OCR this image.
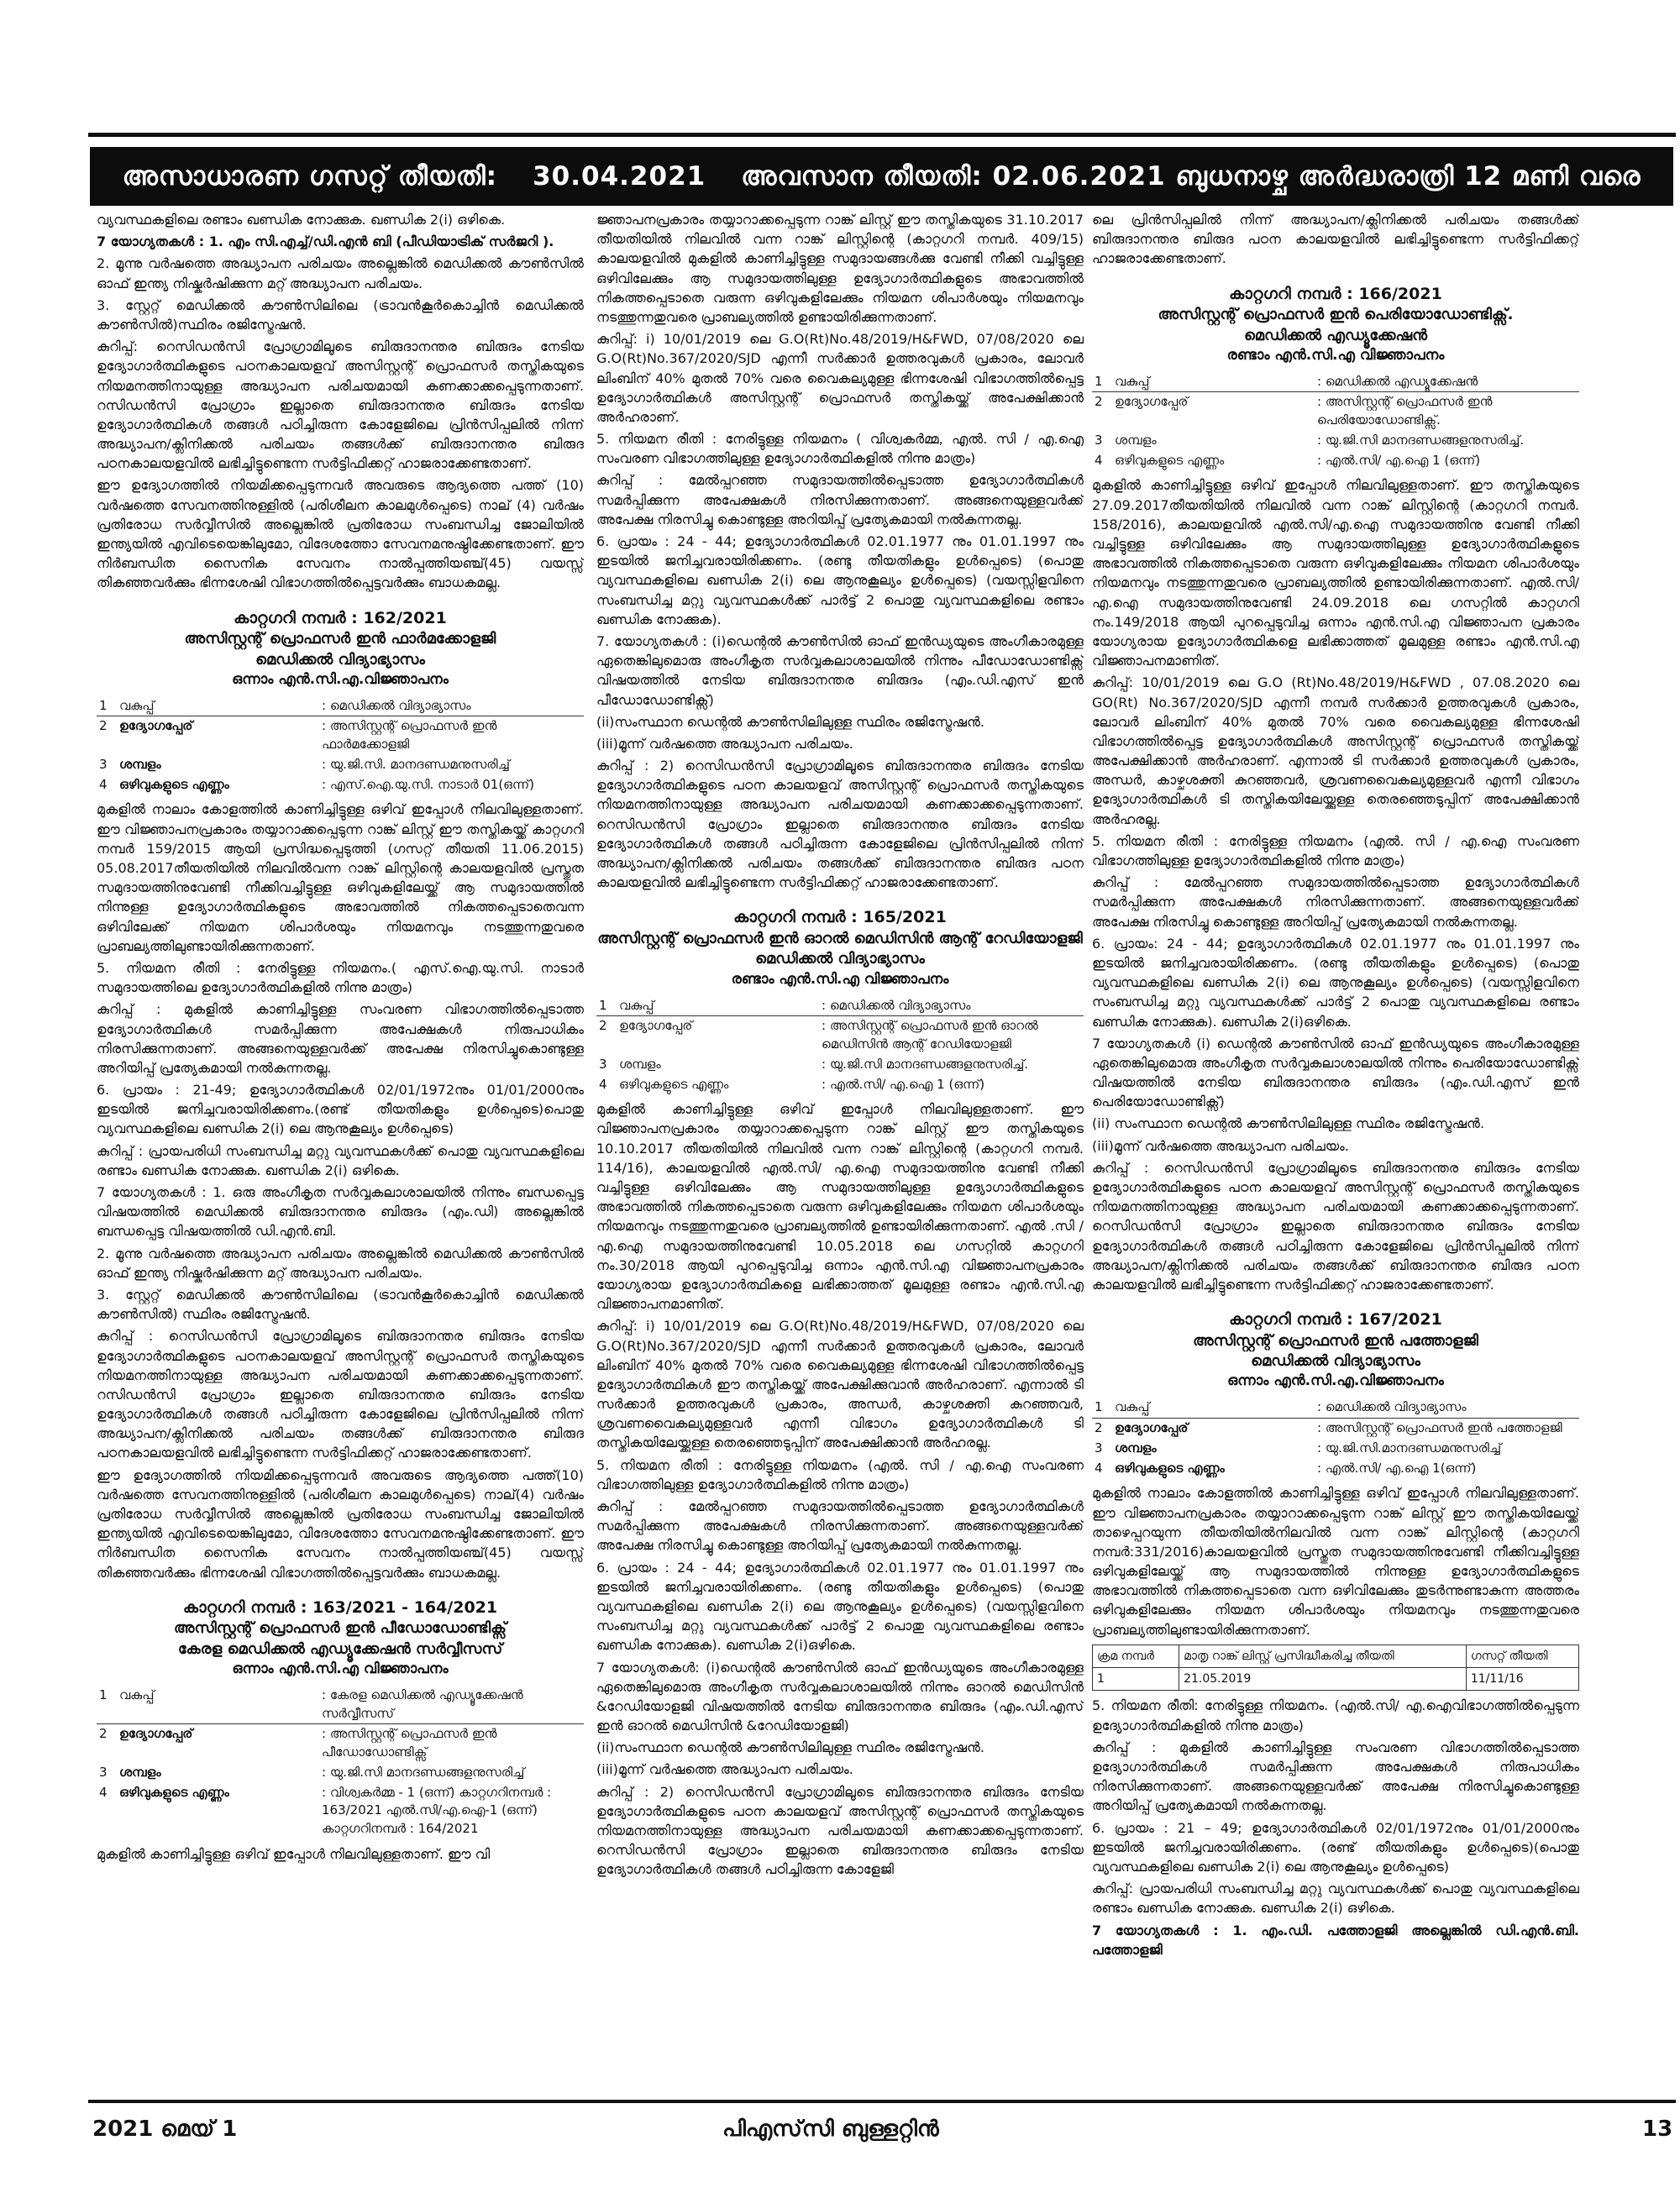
അസാധാരണ ഗസറ്റ് തീയതി: 30.04.2021 അവസാന തീയതി: 02.06.2021 ബുധനാഴ്ച അർദ്ധരാത്രി 12 മണി വരെ

വ്യവസ്ഥകളിലെ രണ്ടാം ഖണ്ഡിക നോക്കുക. ഖണ്ഡിക 2(i) ഒഴികെ.

7 യോഗ്യതകൾ : 1. എം സി.എച്ച്/ഡി.എൻ ബി (പീഡിയാട്രിക് സർജറി ).

2. മൂന്നു വർഷത്തെ അദ്ധ്യാപന പരിചയം അല്ലെങ്കിൽ മെഡിക്കൽ കൗൺസിൽ ഓഫ് ഇന്ത്യ നിഷ്കർഷിക്കുന്ന മറ്റ് അദ്ധ്യാപന പരിചയം.

3. സ്റ്റേറ്റ് മെഡിക്കൽ കൗൺസിലിലെ (ട്രാവൻകൂർകൊച്ചിൻ മെഡിക്കൽ കൗൺസിൽ)സ്ഥിരം രജിസ്ട്രേഷൻ.

കുറിപ്പ്: റെസിഡൻസി പ്രോഗ്രാമിലൂടെ ബിരുദാനന്തര ബിരുദം നേടിയ ഉദ്യോഗാർത്ഥികളുടെ പഠനകാലയളവ് അസിസ്റ്റന്റ് പ്രൊഫസർ തസ്തികയുടെ നിയമനത്തിനായുള്ള അദ്ധ്യാപന പരിചയമായി കണക്കാക്കപ്പെടുന്നതാണ്. റസിഡൻസി പ്രോഗ്രാം ഇല്ലാതെ ബിരുദാനന്തര ബിരുദം നേടിയ ഉദ്യോഗാർത്ഥികൾ തങ്ങൾ പഠിച്ചിരുന്ന കോളേജിലെ പ്രിൻസിപ്പലിൽ നിന്ന് അദ്ധ്യാപന/ക്ലിനിക്കൽ പരിചയം തങ്ങൾക്ക് ബിരുദാനന്തര ബിരുദ പഠനകാലയളവിൽ ലഭിച്ചിട്ടുണ്ടെന്ന സർട്ടിഫിക്കറ്റ് ഹാജരാക്കേണ്ടതാണ്.

ഈ ഉദ്യോഗത്തിൽ നിയമിക്കപ്പെടുന്നവർ അവരുടെ ആദ്യത്തെ പത്ത് (10) വർഷത്തെ സേവനത്തിനുള്ളിൽ (പരിശീലന കാലമുൾപ്പെടെ) നാല് (4) വർഷം പ്രതിരോധ സർവ്വീസിൽ അല്ലെങ്കിൽ പ്രതിരോധ സംബന്ധിച്ച ജോലിയിൽ ഇന്ത്യയിൽ എവിടെയെങ്കിലുമോ, വിദേശത്തോ സേവനമനുഷ്ഠിക്കേണ്ടതാണ്. ഈ നിർബന്ധിത സൈനിക സേവനം നാൽപ്പത്തിയഞ്ച്(45) വയസ്സ് തികഞ്ഞവർക്കും ഭിന്നശേഷി വിഭാഗത്തിൽപ്പെട്ടവർക്കും ബാധകമല്ല.

കാറ്റഗറി നമ്പർ : 162/2021
അസിസ്റ്റന്റ് പ്രൊഫസർ ഇൻ ഫാർമക്കോളജി
മെഡിക്കൽ വിദ്യാഭ്യാസം
ഒന്നാം എൻ.സി.എ.വിജ്ഞാപനം
1	വകുപ്പ്	: മെഡിക്കൽ വിദ്യാഭ്യാസം
2	ഉദ്യോഗപ്പേര്	: അസിസ്റ്റന്റ് പ്രൊഫസർ ഇൻ ഫാർമക്കോളജി
3	ശമ്പളം	: യു.ജി.സി. മാനദണ്ഡമനുസരിച്ച്
4	ഒഴിവുകളുടെ എണ്ണം	: എസ്.ഐ.യു.സി. നാടാർ 01(ഒന്ന്)

മുകളിൽ നാലാം കോളത്തിൽ കാണിച്ചിട്ടുള്ള ഒഴിവ് ഇപ്പോൾ നിലവിലുള്ളതാണ്. ഈ വിജ്ഞാപനപ്രകാരം തയ്യാറാക്കപ്പെടുന്ന റാങ്ക് ലിസ്റ്റ് ഈ തസ്തികയ്ക്ക് കാറ്റഗറി നമ്പർ 159/2015 ആയി പ്രസിദ്ധപ്പെടുത്തി (ഗസറ്റ് തീയതി 11.06.2015) 05.08.2017തീയതിയിൽ നിലവിൽവന്ന റാങ്ക് ലിസ്റ്റിന്റെ കാലയളവിൽ പ്രസ്തുത സമുദായത്തിനുവേണ്ടി നീക്കിവച്ചിട്ടുള്ള ഒഴിവുകളിലേയ്ക്ക് ആ സമുദായത്തിൽ നിന്നുള്ള ഉദ്യോഗാർത്ഥികളുടെ അഭാവത്തിൽ നികത്തപ്പെടാതെവന്ന ഒഴിവിലേക്ക് നിയമന ശിപാർശയും നിയമനവും നടത്തുന്നതുവരെ പ്രാബല്യത്തിലുണ്ടായിരിക്കുന്നതാണ്.

5. നിയമന രീതി : നേരിട്ടുള്ള നിയമനം.( എസ്.ഐ.യു.സി. നാടാർ സമുദായത്തിലെ ഉദ്യോഗാർത്ഥികളിൽ നിന്നു മാത്രം)

കുറിപ്പ് : മുകളിൽ കാണിച്ചിട്ടുള്ള സംവരണ വിഭാഗത്തിൽപ്പെടാത്ത ഉദ്യോഗാർത്ഥികൾ സമർപ്പിക്കുന്ന അപേക്ഷകൾ നിരുപാധികം നിരസിക്കുന്നതാണ്. അങ്ങനെയുള്ളവർക്ക് അപേക്ഷ നിരസിച്ചുകൊണ്ടുള്ള അറിയിപ്പ് പ്രത്യേകമായി നൽകുന്നതല്ല.

6. പ്രായം : 21-49; ഉദ്യോഗാർത്ഥികൾ 02/01/1972നും 01/01/2000നും ഇടയിൽ ജനിച്ചവരായിരിക്കണം.(രണ്ട് തീയതികളും ഉൾപ്പെടെ)പൊതു വ്യവസ്ഥകളിലെ ഖണ്ഡിക 2(i) ലെ ആനുകൂല്യം ഉൾപ്പെടെ)

കുറിപ്പ് : പ്രായപരിധി സംബന്ധിച്ച മറ്റു വ്യവസ്ഥകൾക്ക് പൊതു വ്യവസ്ഥകളിലെ രണ്ടാം ഖണ്ഡിക നോക്കുക. ഖണ്ഡിക 2(i) ഒഴികെ.

7 യോഗ്യതകൾ : 1. ഒരു അംഗീകൃത സർവ്വകലാശാലയിൽ നിന്നും ബന്ധപ്പെട്ട വിഷയത്തിൽ മെഡിക്കൽ ബിരുദാനന്തര ബിരുദം (എം.ഡി) അല്ലെങ്കിൽ ബന്ധപ്പെട്ട വിഷയത്തിൽ ഡി.എൻ.ബി.

2. മൂന്നു വർഷത്തെ അദ്ധ്യാപന പരിചയം അല്ലെങ്കിൽ മെഡിക്കൽ കൗൺസിൽ ഓഫ് ഇന്ത്യ നിഷ്കർഷിക്കുന്ന മറ്റ് അദ്ധ്യാപന പരിചയം.

3. സ്റ്റേറ്റ് മെഡിക്കൽ കൗൺസിലിലെ (ട്രാവൻകൂർകൊച്ചിൻ മെഡിക്കൽ കൗൺസിൽ) സ്ഥിരം രജിസ്ട്രേഷൻ.

കുറിപ്പ് : റെസിഡൻസി പ്രോഗ്രാമിലൂടെ ബിരുദാനന്തര ബിരുദം നേടിയ ഉദ്യോഗാർത്ഥികളുടെ പഠനകാലയളവ് അസിസ്റ്റന്റ് പ്രൊഫസർ തസ്തികയുടെ നിയമനത്തിനായുള്ള അദ്ധ്യാപന പരിചയമായി കണക്കാക്കപ്പെടുന്നതാണ്. റസിഡൻസി പ്രോഗ്രാം ഇല്ലാതെ ബിരുദാനന്തര ബിരുദം നേടിയ ഉദ്യോഗാർത്ഥികൾ തങ്ങൾ പഠിച്ചിരുന്ന കോളേജിലെ പ്രിൻസിപ്പലിൽ നിന്ന് അദ്ധ്യാപന/ക്ലിനിക്കൽ പരിചയം തങ്ങൾക്ക് ബിരുദാനന്തര ബിരുദ പഠനകാലയളവിൽ ലഭിച്ചിട്ടുണ്ടെന്ന സർട്ടിഫിക്കറ്റ് ഹാജരാക്കേണ്ടതാണ്.

ഈ ഉദ്യോഗത്തിൽ നിയമിക്കപ്പെടുന്നവർ അവരുടെ ആദ്യത്തെ പത്ത്(10) വർഷത്തെ സേവനത്തിനുള്ളിൽ (പരിശീലന കാലമുൾപ്പെടെ) നാല്(4) വർഷം പ്രതിരോധ സർവ്വീസിൽ അല്ലെങ്കിൽ പ്രതിരോധ സംബന്ധിച്ച ജോലിയിൽ ഇന്ത്യയിൽ എവിടെയെങ്കിലുമോ, വിദേശത്തോ സേവനമനുഷ്ഠിക്കേണ്ടതാണ്. ഈ നിർബന്ധിത സൈനിക സേവനം നാൽപ്പത്തിയഞ്ച്(45) വയസ്സ് തികഞ്ഞവർക്കും ഭിന്നശേഷി വിഭാഗത്തിൽപ്പെട്ടവർക്കും ബാധകമല്ല.

കാറ്റഗറി നമ്പർ : 163/2021 - 164/2021
അസിസ്റ്റന്റ് പ്രൊഫസർ ഇൻ പീഡോഡോണ്ടിക്സ്
കേരള മെഡിക്കൽ എഡ്യൂക്കേഷൻ സർവ്വീസസ്
ഒന്നാം എൻ.സി.എ വിജ്ഞാപനം
1	വകുപ്പ്	: കേരള മെഡിക്കൽ എഡ്യൂക്കേഷൻ സർവ്വീസസ്
2	ഉദ്യോഗപ്പേര്	: അസിസ്റ്റന്റ് പ്രൊഫസർ ഇൻ പീഡോഡോണ്ടിക്സ്
3	ശമ്പളം	: യു.ജി.സി മാനദണ്ഡങ്ങളനുസരിച്ച്
4	ഒഴിവുകളുടെ എണ്ണം	: വിശ്വകർമ്മ - 1 (ഒന്ന്) കാറ്റഗറിനമ്പർ : 163/2021 എൽ.സി/എ.ഐ-1 (ഒന്ന്) കാറ്റഗറിനമ്പർ : 164/2021

മുകളിൽ കാണിച്ചിട്ടുള്ള ഒഴിവ് ഇപ്പോൾ നിലവിലുള്ളതാണ്. ഈ വി

ജ്ഞാപനപ്രകാരം തയ്യാറാക്കപ്പെടുന്ന റാങ്ക് ലിസ്റ്റ് ഈ തസ്തികയുടെ 31.10.2017 തീയതിയിൽ നിലവിൽ വന്ന റാങ്ക് ലിസ്റ്റിന്റെ (കാറ്റഗറി നമ്പർ. 409/15) കാലയളവിൽ മുകളിൽ കാണിച്ചിട്ടുള്ള സമുദായങ്ങൾക്കു വേണ്ടി നീക്കി വച്ചിട്ടുള്ള ഒഴിവിലേക്കും ആ സമുദായത്തിലുള്ള ഉദ്യോഗാർത്ഥികളുടെ അഭാവത്തിൽ നികത്തപ്പെടാതെ വരുന്ന ഒഴിവുകളിലേക്കും നിയമന ശിപാർശയും നിയമനവും നടത്തുന്നതുവരെ പ്രാബല്യത്തിൽ ഉണ്ടായിരിക്കുന്നതാണ്.

കുറിപ്പ്: i) 10/01/2019 ലെ G.O(Rt)No.48/2019/H&FWD, 07/08/2020 ലെ G.O(Rt)No.367/2020/SJD എന്നീ സർക്കാർ ഉത്തരവുകൾ പ്രകാരം, ലോവർ ലിംബിന് 40% മുതൽ 70% വരെ വൈകല്യമുള്ള ഭിന്നശേഷി വിഭാഗത്തിൽപ്പെട്ട ഉദ്യോഗാർത്ഥികൾ അസിസ്റ്റന്റ് പ്രൊഫസർ തസ്തികയ്ക്ക് അപേക്ഷിക്കാൻ അർഹരാണ്.

5. നിയമന രീതി : നേരിട്ടുള്ള നിയമനം ( വിശ്വകർമ്മ, എൽ. സി / എ.ഐ സംവരണ വിഭാഗത്തിലുള്ള ഉദ്യോഗാർത്ഥികളിൽ നിന്നു മാത്രം)

കുറിപ്പ് : മേൽപ്പറഞ്ഞ സമുദായത്തിൽപ്പെടാത്ത ഉദ്യോഗാർത്ഥികൾ സമർപ്പിക്കുന്ന അപേക്ഷകൾ നിരസിക്കുന്നതാണ്. അങ്ങനെയുള്ളവർക്ക് അപേക്ഷ നിരസിച്ചു കൊണ്ടുള്ള അറിയിപ്പ് പ്രത്യേകമായി നൽകുന്നതല്ല.

6. പ്രായം : 24 - 44; ഉദ്യോഗാർത്ഥികൾ 02.01.1977 നും 01.01.1997 നും ഇടയിൽ ജനിച്ചവരായിരിക്കണം. (രണ്ടു തീയതികളും ഉൾപ്പെടെ) (പൊതു വ്യവസ്ഥകളിലെ ഖണ്ഡിക 2(i) ലെ ആനുകൂല്യം ഉൾപ്പെടെ) (വയസ്സിളവിനെ സംബന്ധിച്ച മറ്റു വ്യവസ്ഥകൾക്ക് പാർട്ട് 2 പൊതു വ്യവസ്ഥകളിലെ രണ്ടാം ഖണ്ഡിക നോക്കുക).

7. യോഗ്യതകൾ : (i)ഡെന്റൽ കൗൺസിൽ ഓഫ് ഇൻഡ്യയുടെ അംഗീകാരമുള്ള ഏതെങ്കിലുമൊരു അംഗീകൃത സർവ്വകലാശാലയിൽ നിന്നും പീഡോഡോണ്ടിക്സ് വിഷയത്തിൽ നേടിയ ബിരുദാനന്തര ബിരുദം (എം.ഡി.എസ് ഇൻ പീഡോഡോണ്ടിക്സ്)

(ii)സംസ്ഥാന ഡെന്റൽ കൗൺസിലിലുള്ള സ്ഥിരം രജിസ്ട്രേഷൻ.

(iii)മൂന്ന് വർഷത്തെ അദ്ധ്യാപന പരിചയം.

കുറിപ്പ് : 2) റെസിഡൻസി പ്രോഗ്രാമിലൂടെ ബിരുദാനന്തര ബിരുദം നേടിയ ഉദ്യോഗാർത്ഥികളുടെ പഠന കാലയളവ് അസിസ്റ്റന്റ് പ്രൊഫസർ തസ്തികയുടെ നിയമനത്തിനായുള്ള അദ്ധ്യാപന പരിചയമായി കണക്കാക്കപ്പെടുന്നതാണ്. റെസിഡൻസി പ്രോഗ്രാം ഇല്ലാതെ ബിരുദാനന്തര ബിരുദം നേടിയ ഉദ്യോഗാർത്ഥികൾ തങ്ങൾ പഠിച്ചിരുന്ന കോളേജിലെ പ്രിൻസിപ്പലിൽ നിന്ന് അദ്ധ്യാപന/ക്ലിനിക്കൽ പരിചയം തങ്ങൾക്ക് ബിരുദാനന്തര ബിരുദ പഠന കാലയളവിൽ ലഭിച്ചിട്ടുണ്ടെന്ന സർട്ടിഫിക്കറ്റ് ഹാജരാക്കേണ്ടതാണ്.

കാറ്റഗറി നമ്പർ : 165/2021
അസിസ്റ്റന്റ് പ്രൊഫസർ ഇൻ ഓറൽ മെഡിസിൻ ആന്റ് റേഡിയോളജി
മെഡിക്കൽ വിദ്യാഭ്യാസം
രണ്ടാം എൻ.സി.എ വിജ്ഞാപനം
1	വകുപ്പ്	: മെഡിക്കൽ വിദ്യാഭ്യാസം
2	ഉദ്യോഗപ്പേര്	: അസിസ്റ്റന്റ് പ്രൊഫസർ ഇൻ ഓറൽ മെഡിസിൻ ആന്റ് റേഡിയോളജി
3	ശമ്പളം	: യു.ജി.സി മാനദണ്ഡങ്ങളനുസരിച്ച്.
4	ഒഴിവുകളുടെ എണ്ണം	: എൽ.സി/ എ.ഐ 1 (ഒന്ന്)

മുകളിൽ കാണിച്ചിട്ടുള്ള ഒഴിവ് ഇപ്പോൾ നിലവിലുള്ളതാണ്. ഈ വിജ്ഞാപനപ്രകാരം തയ്യാറാക്കപ്പെടുന്ന റാങ്ക് ലിസ്റ്റ് ഈ തസ്തികയുടെ 10.10.2017 തീയതിയിൽ നിലവിൽ വന്ന റാങ്ക് ലിസ്റ്റിന്റെ (കാറ്റഗറി നമ്പർ. 114/16), കാലയളവിൽ എൽ.സി/ എ.ഐ സമുദായത്തിനു വേണ്ടി നീക്കി വച്ചിട്ടുള്ള ഒഴിവിലേക്കും ആ സമുദായത്തിലുള്ള ഉദ്യോഗാർത്ഥികളുടെ അഭാവത്തിൽ നികത്തപ്പെടാതെ വരുന്ന ഒഴിവുകളിലേക്കും നിയമന ശിപാർശയും നിയമനവും നടത്തുന്നതുവരെ പ്രാബല്യത്തിൽ ഉണ്ടായിരിക്കുന്നതാണ്. എൽ .സി /എ.ഐ സമുദായത്തിനുവേണ്ടി 10.05.2018 ലെ ഗസറ്റിൽ കാറ്റഗറി നം.30/2018 ആയി പുറപ്പെടുവിച്ച ഒന്നാം എൻ.സി.എ വിജ്ഞാപനപ്രകാരം യോഗ്യരായ ഉദ്യോഗാർത്ഥികളെ ലഭിക്കാത്തത് മൂലമുള്ള രണ്ടാം എൻ.സി.എ വിജ്ഞാപനമാണിത്.

കുറിപ്പ്: i) 10/01/2019 ലെ G.O(Rt)No.48/2019/H&FWD, 07/08/2020 ലെ G.O(Rt)No.367/2020/SJD എന്നീ സർക്കാർ ഉത്തരവുകൾ പ്രകാരം, ലോവർ ലിംബിന് 40% മുതൽ 70% വരെ വൈകല്യമുള്ള ഭിന്നശേഷി വിഭാഗത്തിൽപ്പെട്ട ഉദ്യോഗാർത്ഥികൾ ഈ തസ്തികയ്ക്ക് അപേക്ഷിക്കുവാൻ അർഹരാണ്. എന്നാൽ ടി സർക്കാർ ഉത്തരവുകൾ പ്രകാരം, അന്ധർ, കാഴ്ചശക്തി കുറഞ്ഞവർ, ശ്രവണവൈകല്യമുള്ളവർ എന്നീ വിഭാഗം ഉദ്യോഗാർത്ഥികൾ ടി തസ്തികയിലേയ്ക്കുള്ള തെരഞ്ഞെടുപ്പിന് അപേക്ഷിക്കാൻ അർഹരല്ല.

5. നിയമന രീതി : നേരിട്ടുള്ള നിയമനം (എൽ. സി / എ.ഐ സംവരണ വിഭാഗത്തിലുള്ള ഉദ്യോഗാർത്ഥികളിൽ നിന്നു മാത്രം)

കുറിപ്പ് : മേൽപ്പറഞ്ഞ സമുദായത്തിൽപ്പെടാത്ത ഉദ്യോഗാർത്ഥികൾ സമർപ്പിക്കുന്ന അപേക്ഷകൾ നിരസിക്കുന്നതാണ്. അങ്ങനെയുള്ളവർക്ക് അപേക്ഷ നിരസിച്ചു കൊണ്ടുള്ള അറിയിപ്പ് പ്രത്യേകമായി നൽകുന്നതല്ല.

6. പ്രായം : 24 - 44; ഉദ്യോഗാർത്ഥികൾ 02.01.1977 നും 01.01.1997 നും ഇടയിൽ ജനിച്ചവരായിരിക്കണം. (രണ്ടു തീയതികളും ഉൾപ്പെടെ) (പൊതു വ്യവസ്ഥകളിലെ ഖണ്ഡിക 2(i) ലെ ആനുകൂല്യം ഉൾപ്പെടെ) (വയസ്സിളവിനെ സംബന്ധിച്ച മറ്റു വ്യവസ്ഥകൾക്ക് പാർട്ട് 2 പൊതു വ്യവസ്ഥകളിലെ രണ്ടാം ഖണ്ഡിക നോക്കുക). ഖണ്ഡിക 2(i)ഒഴികെ.

7 യോഗ്യതകൾ: (i)ഡെന്റൽ കൗൺസിൽ ഓഫ് ഇൻഡ്യയുടെ അംഗീകാരമുള്ള ഏതെങ്കിലുമൊരു അംഗീകൃത സർവ്വകലാശാലയിൽ നിന്നും ഓറൽ മെഡിസിൻ &റേഡിയോളജി വിഷയത്തിൽ നേടിയ ബിരുദാനന്തര ബിരുദം (എം.ഡി.എസ് ഇൻ ഓറൽ മെഡിസിൻ &റേഡിയോളജി)

(ii)സംസ്ഥാന ഡെന്റൽ കൗൺസിലിലുള്ള സ്ഥിരം രജിസ്ട്രേഷൻ.

(iii)മൂന്ന് വർഷത്തെ അദ്ധ്യാപന പരിചയം.

കുറിപ്പ് : 2) റെസിഡൻസി പ്രോഗ്രാമിലൂടെ ബിരുദാനന്തര ബിരുദം നേടിയ ഉദ്യോഗാർത്ഥികളുടെ പഠന കാലയളവ് അസിസ്റ്റന്റ് പ്രൊഫസർ തസ്തികയുടെ നിയമനത്തിനായുള്ള അദ്ധ്യാപന പരിചയമായി കണക്കാക്കപ്പെടുന്നതാണ്. റെസിഡൻസി പ്രോഗ്രാം ഇല്ലാതെ ബിരുദാനന്തര ബിരുദം നേടിയ ഉദ്യോഗാർത്ഥികൾ തങ്ങൾ പഠിച്ചിരുന്ന കോളേജി

ലെ പ്രിൻസിപ്പലിൽ നിന്ന് അദ്ധ്യാപന/ക്ലിനിക്കൽ പരിചയം തങ്ങൾക്ക് ബിരുദാനന്തര ബിരുദ പഠന കാലയളവിൽ ലഭിച്ചിട്ടുണ്ടെന്ന സർട്ടിഫിക്കറ്റ് ഹാജരാക്കേണ്ടതാണ്.

കാറ്റഗറി നമ്പർ : 166/2021
അസിസ്റ്റന്റ് പ്രൊഫസർ ഇൻ പെരിയോഡോണ്ടിക്സ്.
മെഡിക്കൽ എഡ്യൂക്കേഷൻ
രണ്ടാം എൻ.സി.എ വിജ്ഞാപനം
1	വകുപ്പ്	: മെഡിക്കൽ എഡ്യൂക്കേഷൻ
2	ഉദ്യോഗപ്പേര്	: അസിസ്റ്റന്റ് പ്രൊഫസർ ഇൻ പെരിയോഡോണ്ടിക്സ്.
3	ശമ്പളം	: യു.ജി.സി മാനദണ്ഡങ്ങളനുസരിച്ച്.
4	ഒഴിവുകളുടെ എണ്ണം	: എൽ.സി/ എ.ഐ 1 (ഒന്ന്)

മുകളിൽ കാണിച്ചിട്ടുള്ള ഒഴിവ് ഇപ്പോൾ നിലവിലുള്ളതാണ്. ഈ തസ്തികയുടെ 27.09.2017തീയതിയിൽ നിലവിൽ വന്ന റാങ്ക് ലിസ്റ്റിന്റെ (കാറ്റഗറി നമ്പർ. 158/2016), കാലയളവിൽ എൽ.സി/എ.ഐ സമുദായത്തിനു വേണ്ടി നീക്കി വച്ചിട്ടുള്ള ഒഴിവിലേക്കും ആ സമുദായത്തിലുള്ള ഉദ്യോഗാർത്ഥികളുടെ അഭാവത്തിൽ നികത്തപ്പെടാതെ വരുന്ന ഒഴിവുകളിലേക്കും നിയമന ശിപാർശയും നിയമനവും നടത്തുന്നതുവരെ പ്രാബല്യത്തിൽ ഉണ്ടായിരിക്കുന്നതാണ്. എൽ.സി/എ.ഐ സമുദായത്തിനുവേണ്ടി 24.09.2018 ലെ ഗസറ്റിൽ കാറ്റഗറി നം.149/2018 ആയി പുറപ്പെടുവിച്ച ഒന്നാം എൻ.സി.എ വിജ്ഞാപന പ്രകാരം യോഗ്യരായ ഉദ്യോഗാർത്ഥികളെ ലഭിക്കാത്തത് മൂലമുള്ള രണ്ടാം എൻ.സി.എ വിജ്ഞാപനമാണിത്.

കുറിപ്പ്: 10/01/2019 ലെ G.O (Rt)No.48/2019/H&FWD , 07.08.2020 ലെ GO(Rt) No.367/2020/SJD എന്നീ നമ്പർ സർക്കാർ ഉത്തരവുകൾ പ്രകാരം, ലോവർ ലിംബിന് 40% മുതൽ 70% വരെ വൈകല്യമുള്ള ഭിന്നശേഷി വിഭാഗത്തിൽപ്പെട്ട ഉദ്യോഗാർത്ഥികൾ അസിസ്റ്റന്റ് പ്രൊഫസർ തസ്തികയ്ക്ക് അപേക്ഷിക്കാൻ അർഹരാണ്. എന്നാൽ ടി സർക്കാർ ഉത്തരവുകൾ പ്രകാരം, അന്ധർ, കാഴ്ചശക്തി കുറഞ്ഞവർ, ശ്രവണവൈകല്യമുള്ളവർ എന്നീ വിഭാഗം ഉദ്യോഗാർത്ഥികൾ ടി തസ്തികയിലേയ്ക്കുള്ള തെരഞ്ഞെടുപ്പിന് അപേക്ഷിക്കാൻ അർഹരല്ല.

5. നിയമന രീതി : നേരിട്ടുള്ള നിയമനം (എൽ. സി / എ.ഐ സംവരണ വിഭാഗത്തിലുള്ള ഉദ്യോഗാർത്ഥികളിൽ നിന്നു മാത്രം)

കുറിപ്പ് : മേൽപ്പറഞ്ഞ സമുദായത്തിൽപ്പെടാത്ത ഉദ്യോഗാർത്ഥികൾ സമർപ്പിക്കുന്ന അപേക്ഷകൾ നിരസിക്കുന്നതാണ്. അങ്ങനെയുള്ളവർക്ക് അപേക്ഷ നിരസിച്ചു കൊണ്ടുള്ള അറിയിപ്പ് പ്രത്യേകമായി നൽകുന്നതല്ല.

6. പ്രായം: 24 - 44; ഉദ്യോഗാർത്ഥികൾ 02.01.1977 നും 01.01.1997 നും ഇടയിൽ ജനിച്ചവരായിരിക്കണം. (രണ്ടു തീയതികളും ഉൾപ്പെടെ) (പൊതു വ്യവസ്ഥകളിലെ ഖണ്ഡിക 2(i) ലെ ആനുകൂല്യം ഉൾപ്പെടെ) (വയസ്സിളവിനെ സംബന്ധിച്ച മറ്റു വ്യവസ്ഥകൾക്ക് പാർട്ട് 2 പൊതു വ്യവസ്ഥകളിലെ രണ്ടാം ഖണ്ഡിക നോക്കുക). ഖണ്ഡിക 2(i)ഒഴികെ.

7 യോഗ്യതകൾ (i) ഡെന്റൽ കൗൺസിൽ ഓഫ് ഇൻഡ്യയുടെ അംഗീകാരമുള്ള ഏതെങ്കിലുമൊരു അംഗീകൃത സർവ്വകലാശാലയിൽ നിന്നും പെരിയോഡോണ്ടിക്സ് വിഷയത്തിൽ നേടിയ ബിരുദാനന്തര ബിരുദം (എം.ഡി.എസ് ഇൻ പെരിയോഡോണ്ടിക്സ്)

(ii) സംസ്ഥാന ഡെന്റൽ കൗൺസിലിലുള്ള സ്ഥിരം രജിസ്ട്രേഷൻ.

(iii)മൂന്ന് വർഷത്തെ അദ്ധ്യാപന പരിചയം.

കുറിപ്പ് : റെസിഡൻസി പ്രോഗ്രാമിലൂടെ ബിരുദാനന്തര ബിരുദം നേടിയ ഉദ്യോഗാർത്ഥികളുടെ പഠന കാലയളവ് അസിസ്റ്റന്റ് പ്രൊഫസർ തസ്തികയുടെ നിയമനത്തിനായുള്ള അദ്ധ്യാപന പരിചയമായി കണക്കാക്കപ്പെടുന്നതാണ്. റെസിഡൻസി പ്രോഗ്രാം ഇല്ലാതെ ബിരുദാനന്തര ബിരുദം നേടിയ ഉദ്യോഗാർത്ഥികൾ തങ്ങൾ പഠിച്ചിരുന്ന കോളേജിലെ പ്രിൻസിപ്പലിൽ നിന്ന് അദ്ധ്യാപന/ക്ലിനിക്കൽ പരിചയം തങ്ങൾക്ക് ബിരുദാനന്തര ബിരുദ പഠന കാലയളവിൽ ലഭിച്ചിട്ടുണ്ടെന്ന സർട്ടിഫിക്കറ്റ് ഹാജരാക്കേണ്ടതാണ്.

കാറ്റഗറി നമ്പർ : 167/2021
അസിസ്റ്റന്റ് പ്രൊഫസർ ഇൻ പത്തോളജി
മെഡിക്കൽ വിദ്യാഭ്യാസം
ഒന്നാം എൻ.സി.എ.വിജ്ഞാപനം
1	വകുപ്പ്	: മെഡിക്കൽ വിദ്യാഭ്യാസം
2	ഉദ്യോഗപ്പേര്	: അസിസ്റ്റന്റ് പ്രൊഫസർ ഇൻ പത്തോളജി
3	ശമ്പളം	: യു.ജി.സി.മാനദണ്ഡമനുസരിച്ച്
4	ഒഴിവുകളുടെ എണ്ണം	: എൽ.സി/ എ.ഐ 1(ഒന്ന്)

മുകളിൽ നാലാം കോളത്തിൽ കാണിച്ചിട്ടുള്ള ഒഴിവ് ഇപ്പോൾ നിലവിലുള്ളതാണ്. ഈ വിജ്ഞാപനപ്രകാരം തയ്യാറാക്കപ്പെടുന്ന റാങ്ക് ലിസ്റ്റ് ഈ തസ്തികയിലേയ്ക്ക് താഴെപ്പറയുന്ന തീയതിയിൽനിലവിൽ വന്ന റാങ്ക് ലിസ്റ്റിന്റെ (കാറ്റഗറി നമ്പർ:331/2016)കാലയളവിൽ പ്രസ്തുത സമുദായത്തിനുവേണ്ടി നീക്കിവച്ചിട്ടുള്ള ഒഴിവുകളിലേയ്ക്ക് ആ സമുദായത്തിൽ നിന്നുള്ള ഉദ്യോഗാർത്ഥികളുടെ അഭാവത്തിൽ നികത്തപ്പെടാതെ വന്ന ഒഴിവിലേക്കും തുടർന്നുണ്ടാകുന്ന അത്തരം ഒഴിവുകളിലേക്കും നിയമന ശിപാർശയും നിയമനവും നടത്തുന്നതുവരെ പ്രാബല്യത്തിലുണ്ടായിരിക്കുന്നതാണ്.

ക്രമ നമ്പർ	മാതൃ റാങ്ക് ലിസ്റ്റ് പ്രസിദ്ധീകരിച്ച തീയതി	ഗസറ്റ് തീയതി
1	21.05.2019	11/11/16

5. നിയമന രീതി: നേരിട്ടുള്ള നിയമനം. (എൽ.സി/ എ.ഐവിഭാഗത്തിൽപ്പെടുന്ന ഉദ്യോഗാർത്ഥികളിൽ നിന്നു മാത്രം)

കുറിപ്പ് : മുകളിൽ കാണിച്ചിട്ടുള്ള സംവരണ വിഭാഗത്തിൽപ്പെടാത്ത ഉദ്യോഗാർത്ഥികൾ സമർപ്പിക്കുന്ന അപേക്ഷകൾ നിരുപാധികം നിരസിക്കുന്നതാണ്. അങ്ങനെയുള്ളവർക്ക് അപേക്ഷ നിരസിച്ചുകൊണ്ടുള്ള അറിയിപ്പ് പ്രത്യേകമായി നൽകുന്നതല്ല.

6. പ്രായം : 21 – 49; ഉദ്യോഗാർത്ഥികൾ 02/01/1972നും 01/01/2000നും ഇടയിൽ ജനിച്ചവരായിരിക്കണം. (രണ്ട് തീയതികളും ഉൾപ്പെടെ)(പൊതു വ്യവസ്ഥകളിലെ ഖണ്ഡിക 2(i) ലെ ആനുകൂല്യം ഉൾപ്പെടെ)

കുറിപ്പ്: പ്രായപരിധി സംബന്ധിച്ച മറ്റു വ്യവസ്ഥകൾക്ക് പൊതു വ്യവസ്ഥകളിലെ രണ്ടാം ഖണ്ഡിക നോക്കുക. ഖണ്ഡിക 2(i) ഒഴികെ.

7 യോഗ്യതകൾ : 1. എം.ഡി. പത്തോളജി അല്ലെങ്കിൽ ഡി.എൻ.ബി. പത്തോളജി

2021 മെയ് 1	പിഎസ്‌സി ബുള്ളറ്റിൻ	13
